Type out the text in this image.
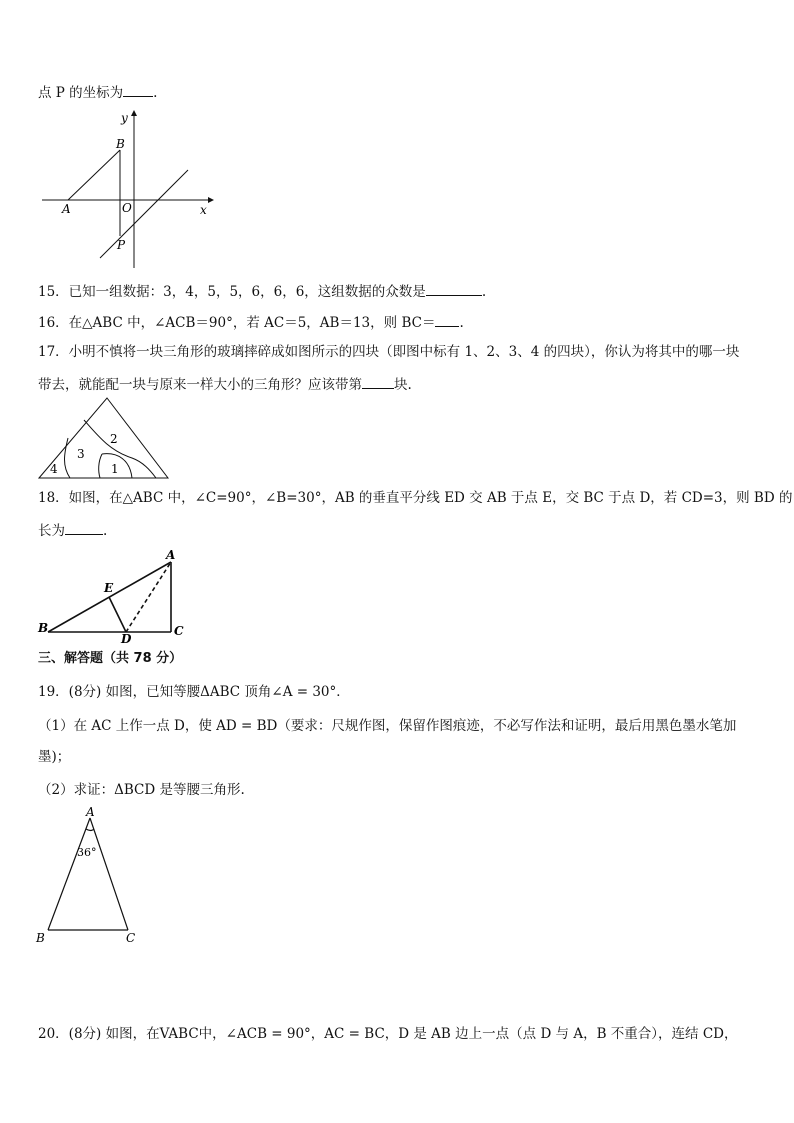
点 P 的坐标为 .
y
x
A
B
O
P
15．已知一组数据：3，4，5，5，6，6，6，这组数据的众数是	.
16．在△ABC 中，∠ACB＝90°，若 AC＝5，AB＝13，则 BC＝ .
17．小明不慎将一块三角形的玻璃摔碎成如图所示的四块（即图中标有 1、2、3、4 的四块），你认为将其中的哪一块
带去，就能配一块与原来一样大小的三角形？应该带第 块.
2
3
4	1
18．如图，在△ABC 中，∠C=90°，∠B=30°，AB 的垂直平分线 ED 交 AB 于点 E，交 BC 于点 D，若 CD=3，则 BD 的
长为	.
A
B	C
D
E
三、解答题（共 78 分）
19．(8分) 如图，已知等腰ΔABC 顶角∠A = 30°．
（1）在 AC 上作一点 D，使 AD = BD（要求：尺规作图，保留作图痕迹，不必写作法和证明，最后用黑色墨水笔加
墨)；
（2）求证：ΔBCD 是等腰三角形.
A
B	C
36°
20．(8分) 如图，在VABC中，∠ACB = 90°，AC = BC，D 是 AB 边上一点（点 D 与 A，B 不重合），连结 CD，
